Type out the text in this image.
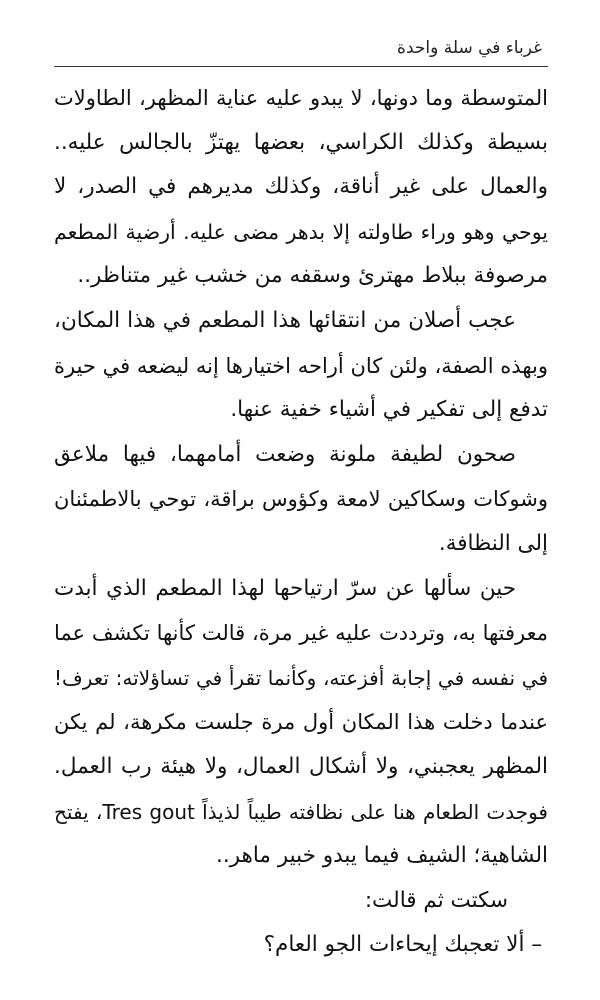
غرباء في سلة واحدة
المتوسطة وما دونها، لا يبدو عليه عناية المظهر، الطاولات
بسيطة وكذلك الكراسي، بعضها يهتزّ بالجالس عليه..
والعمال على غير أناقة، وكذلك مديرهم في الصدر، لا
يوحي وهو وراء طاولته إلا بدهر مضى عليه. أرضية المطعم
مرصوفة ببلاط مهترئ وسقفه من خشب غير متناظر..
عجب أصلان من انتقائها هذا المطعم في هذا المكان،
وبهذه الصفة، ولئن كان أراحه اختيارها إنه ليضعه في حيرة
تدفع إلى تفكير في أشياء خفية عنها.
صحون لطيفة ملونة وضعت أمامهما، فيها ملاعق
وشوكات وسكاكين لامعة وكؤوس براقة، توحي بالاطمئنان
إلى النظافة.
حين سألها عن سرّ ارتياحها لهذا المطعم الذي أبدت
معرفتها به، وترددت عليه غير مرة، قالت كأنها تكشف عما
في نفسه في إجابة أفزعته، وكأنما تقرأ في تساؤلاته: تعرف!
عندما دخلت هذا المكان أول مرة جلست مكرهة، لم يكن
المظهر يعجبني، ولا أشكال العمال، ولا هيئة رب العمل.
فوجدت الطعام هنا على نظافته طيباً لذيذاً Tres gout، يفتح
الشاهية؛ الشيف فيما يبدو خبير ماهر..
سكتت ثم قالت:
– ألا تعجبك إيحاءات الجو العام؟
